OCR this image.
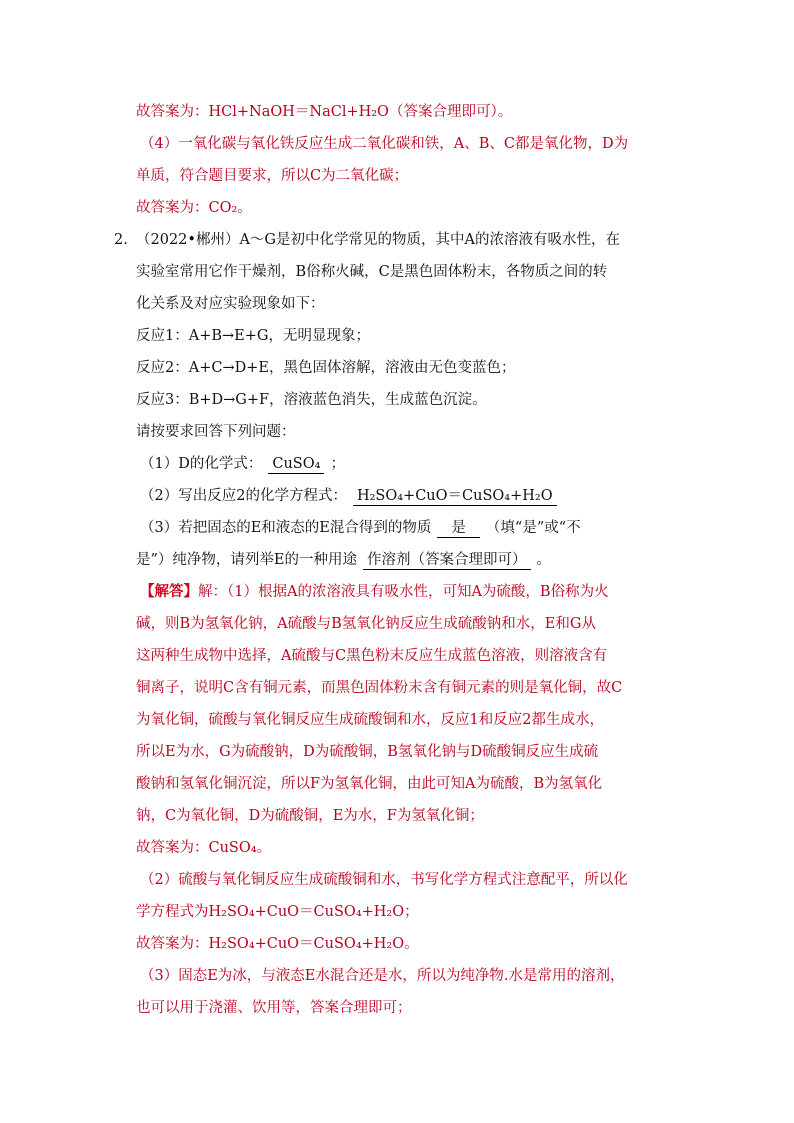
故答案为：HCl+NaOH＝NaCl+H₂O（答案合理即可）。
（4）一氧化碳与氧化铁反应生成二氧化碳和铁，A、B、C都是氧化物，D为
单质，符合题目要求，所以C为二氧化碳；
故答案为：CO₂。
2. （2022•郴州）A～G是初中化学常见的物质，其中A的浓溶液有吸水性，在
实验室常用它作干燥剂，B俗称火碱，C是黑色固体粉末，各物质之间的转
化关系及对应实验现象如下：
反应1：A+B→E+G，无明显现象；
反应2：A+C→D+E，黑色固体溶解，溶液由无色变蓝色；
反应3：B+D→G+F，溶液蓝色消失，生成蓝色沉淀。
请按要求回答下列问题：
（1）D的化学式： CuSO₄ ；
（2）写出反应2的化学方程式： H₂SO₄+CuO＝CuSO₄+H₂O
（3）若把固态的E和液态的E混合得到的物质 是 （填“是”或“不
是”）纯净物，请列举E的一种用途 作溶剂（答案合理即可） 。
【解答】解：（1）根据A的浓溶液具有吸水性，可知A为硫酸，B俗称为火
碱，则B为氢氧化钠，A硫酸与B氢氧化钠反应生成硫酸钠和水，E和G从
这两种生成物中选择，A硫酸与C黑色粉末反应生成蓝色溶液，则溶液含有
铜离子，说明C含有铜元素，而黑色固体粉末含有铜元素的则是氧化铜，故C
为氧化铜，硫酸与氧化铜反应生成硫酸铜和水，反应1和反应2都生成水，
所以E为水，G为硫酸钠，D为硫酸铜，B氢氧化钠与D硫酸铜反应生成硫
酸钠和氢氧化铜沉淀，所以F为氢氧化铜，由此可知A为硫酸，B为氢氧化
钠，C为氧化铜，D为硫酸铜，E为水，F为氢氧化铜；
故答案为：CuSO₄。
（2）硫酸与氧化铜反应生成硫酸铜和水，书写化学方程式注意配平，所以化
学方程式为H₂SO₄+CuO＝CuSO₄+H₂O；
故答案为：H₂SO₄+CuO＝CuSO₄+H₂O。
（3）固态E为冰，与液态E水混合还是水，所以为纯净物.水是常用的溶剂，
也可以用于浇灌、饮用等，答案合理即可；
